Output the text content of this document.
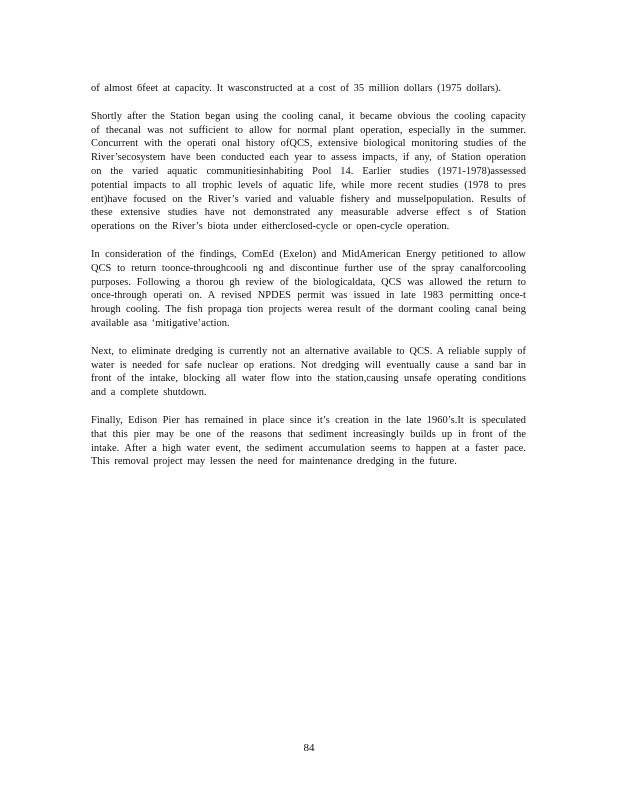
of almost 6feet at capacity. It wasconstructed at a cost of 35 million dollars (1975 dollars).

Shortly after the Station began using the cooling canal, it became obvious the cooling capacity of thecanal was not sufficient to allow for normal plant operation, especially in the summer. Concurrent with the operati onal history ofQCS, extensive biological monitoring studies of the River’secosystem have been conducted each year to assess impacts, if any, of Station operation on the varied aquatic communitiesinhabiting Pool 14. Earlier studies (1971-1978)assessed potential impacts to all trophic levels of aquatic life, while more recent studies (1978 to pres ent)have focused on the River’s varied and valuable fishery and musselpopulation. Results of these extensive studies have not demonstrated any measurable adverse effect s of Station operations on the River’s biota under eitherclosed-cycle or open-cycle operation.

In consideration of the findings, ComEd (Exelon) and MidAmerican Energy petitioned to allow QCS to return toonce-throughcooli ng and discontinue further use of the spray canalforcooling purposes. Following a thorou gh review of the biologicaldata, QCS was allowed the return to once-through operati on. A revised NPDES permit was issued in late 1983 permitting once-t hrough cooling. The fish propaga tion projects werea result of the dormant cooling canal being available asa ‘mitigative’action.

Next, to eliminate dredging is currently not an alternative available to QCS. A reliable supply of water is needed for safe nuclear op erations. Not dredging will eventually cause a sand bar in front of the intake, blocking all water flow into the station,causing unsafe operating conditions and a complete shutdown.

Finally, Edison Pier has remained in place since it’s creation in the late 1960’s.It is speculated that this pier may be one of the reasons that sediment increasingly builds up in front of the intake. After a high water event, the sediment accumulation seems to happen at a faster pace. This removal project may lessen the need for maintenance dredging in the future.

84
